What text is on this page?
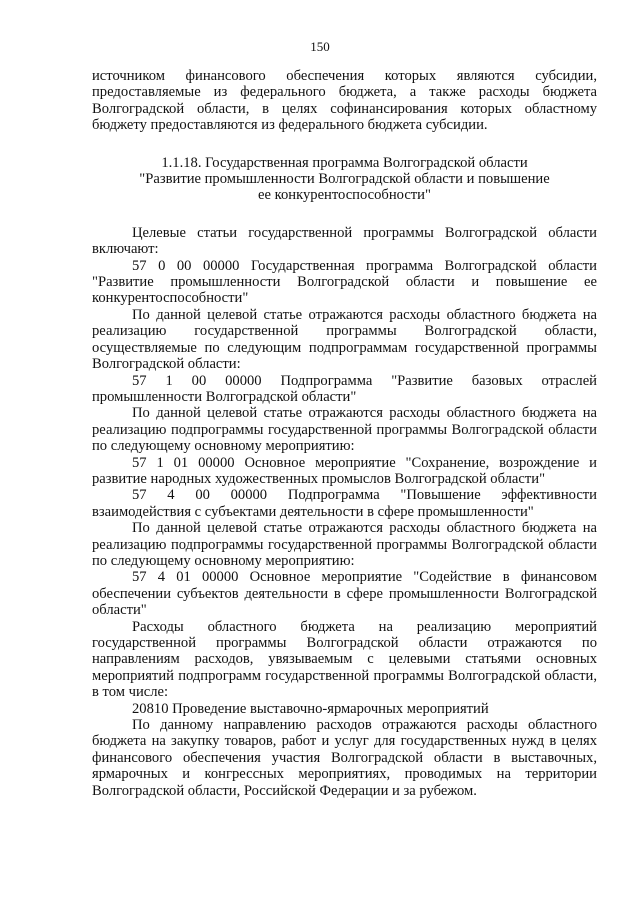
150

источником финансового обеспечения которых являются субсидии, предоставляемые из федерального бюджета, а также расходы бюджета Волгоградской области, в целях софинансирования которых областному бюджету предоставляются из федерального бюджета субсидии.

1.1.18. Государственная программа Волгоградской области
"Развитие промышленности Волгоградской области и повышение
ее конкурентоспособности"

Целевые статьи государственной программы Волгоградской области включают:

57 0 00 00000 Государственная программа Волгоградской области "Развитие промышленности Волгоградской области и повышение ее конкурентоспособности"

По данной целевой статье отражаются расходы областного бюджета на реализацию государственной программы Волгоградской области, осуществляемые по следующим подпрограммам государственной программы Волгоградской области:

57 1 00 00000 Подпрограмма "Развитие базовых отраслей промышленности Волгоградской области"

По данной целевой статье отражаются расходы областного бюджета на реализацию подпрограммы государственной программы Волгоградской области по следующему основному мероприятию:

57 1 01 00000 Основное мероприятие "Сохранение, возрождение и развитие народных художественных промыслов Волгоградской области"

57 4 00 00000 Подпрограмма "Повышение эффективности взаимодействия с субъектами деятельности в сфере промышленности"

По данной целевой статье отражаются расходы областного бюджета на реализацию подпрограммы государственной программы Волгоградской области по следующему основному мероприятию:

57 4 01 00000 Основное мероприятие "Содействие в финансовом обеспечении субъектов деятельности в сфере промышленности Волгоградской области"

Расходы областного бюджета на реализацию мероприятий государственной программы Волгоградской области отражаются по направлениям расходов, увязываемым с целевыми статьями основных мероприятий подпрограмм государственной программы Волгоградской области, в том числе:

20810 Проведение выставочно-ярмарочных мероприятий

По данному направлению расходов отражаются расходы областного бюджета на закупку товаров, работ и услуг для государственных нужд в целях финансового обеспечения участия Волгоградской области в выставочных, ярмарочных и конгрессных мероприятиях, проводимых на территории Волгоградской области, Российской Федерации и за рубежом.
